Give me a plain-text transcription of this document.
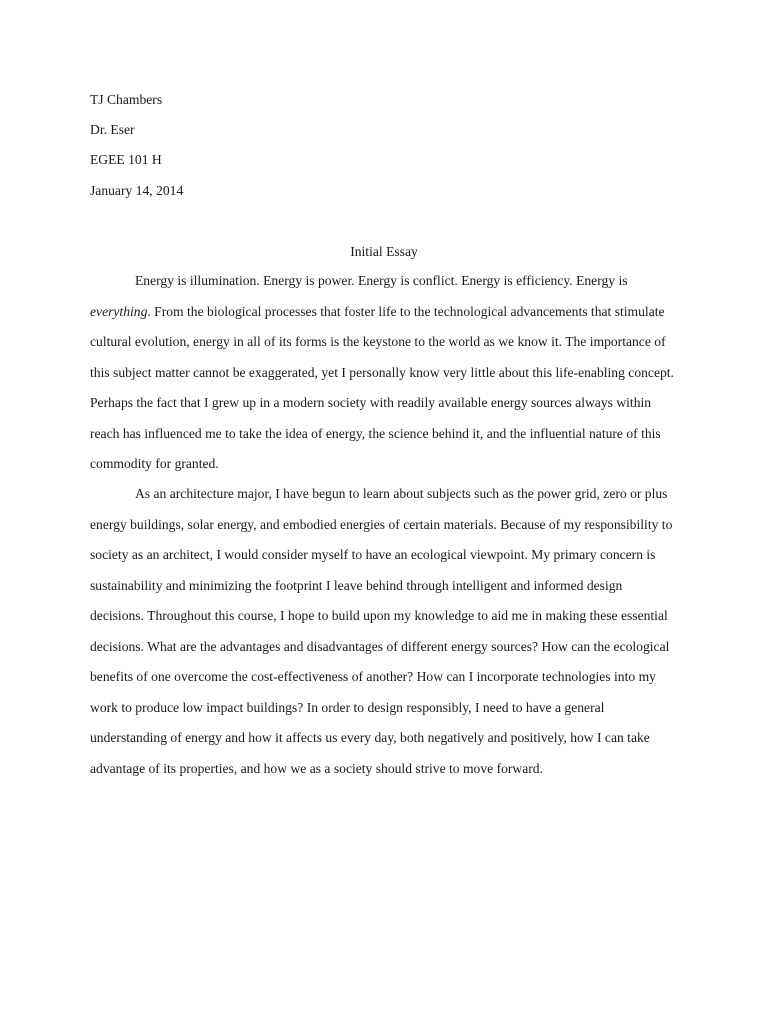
TJ Chambers
Dr. Eser
EGEE 101 H
January 14, 2014
Initial Essay

Energy is illumination. Energy is power. Energy is conflict. Energy is efficiency. Energy is everything. From the biological processes that foster life to the technological advancements that stimulate cultural evolution, energy in all of its forms is the keystone to the world as we know it. The importance of this subject matter cannot be exaggerated, yet I personally know very little about this life-enabling concept. Perhaps the fact that I grew up in a modern society with readily available energy sources always within reach has influenced me to take the idea of energy, the science behind it, and the influential nature of this commodity for granted.

As an architecture major, I have begun to learn about subjects such as the power grid, zero or plus energy buildings, solar energy, and embodied energies of certain materials. Because of my responsibility to society as an architect, I would consider myself to have an ecological viewpoint. My primary concern is sustainability and minimizing the footprint I leave behind through intelligent and informed design decisions. Throughout this course, I hope to build upon my knowledge to aid me in making these essential decisions. What are the advantages and disadvantages of different energy sources? How can the ecological benefits of one overcome the cost-effectiveness of another? How can I incorporate technologies into my work to produce low impact buildings? In order to design responsibly, I need to have a general understanding of energy and how it affects us every day, both negatively and positively, how I can take advantage of its properties, and how we as a society should strive to move forward.
